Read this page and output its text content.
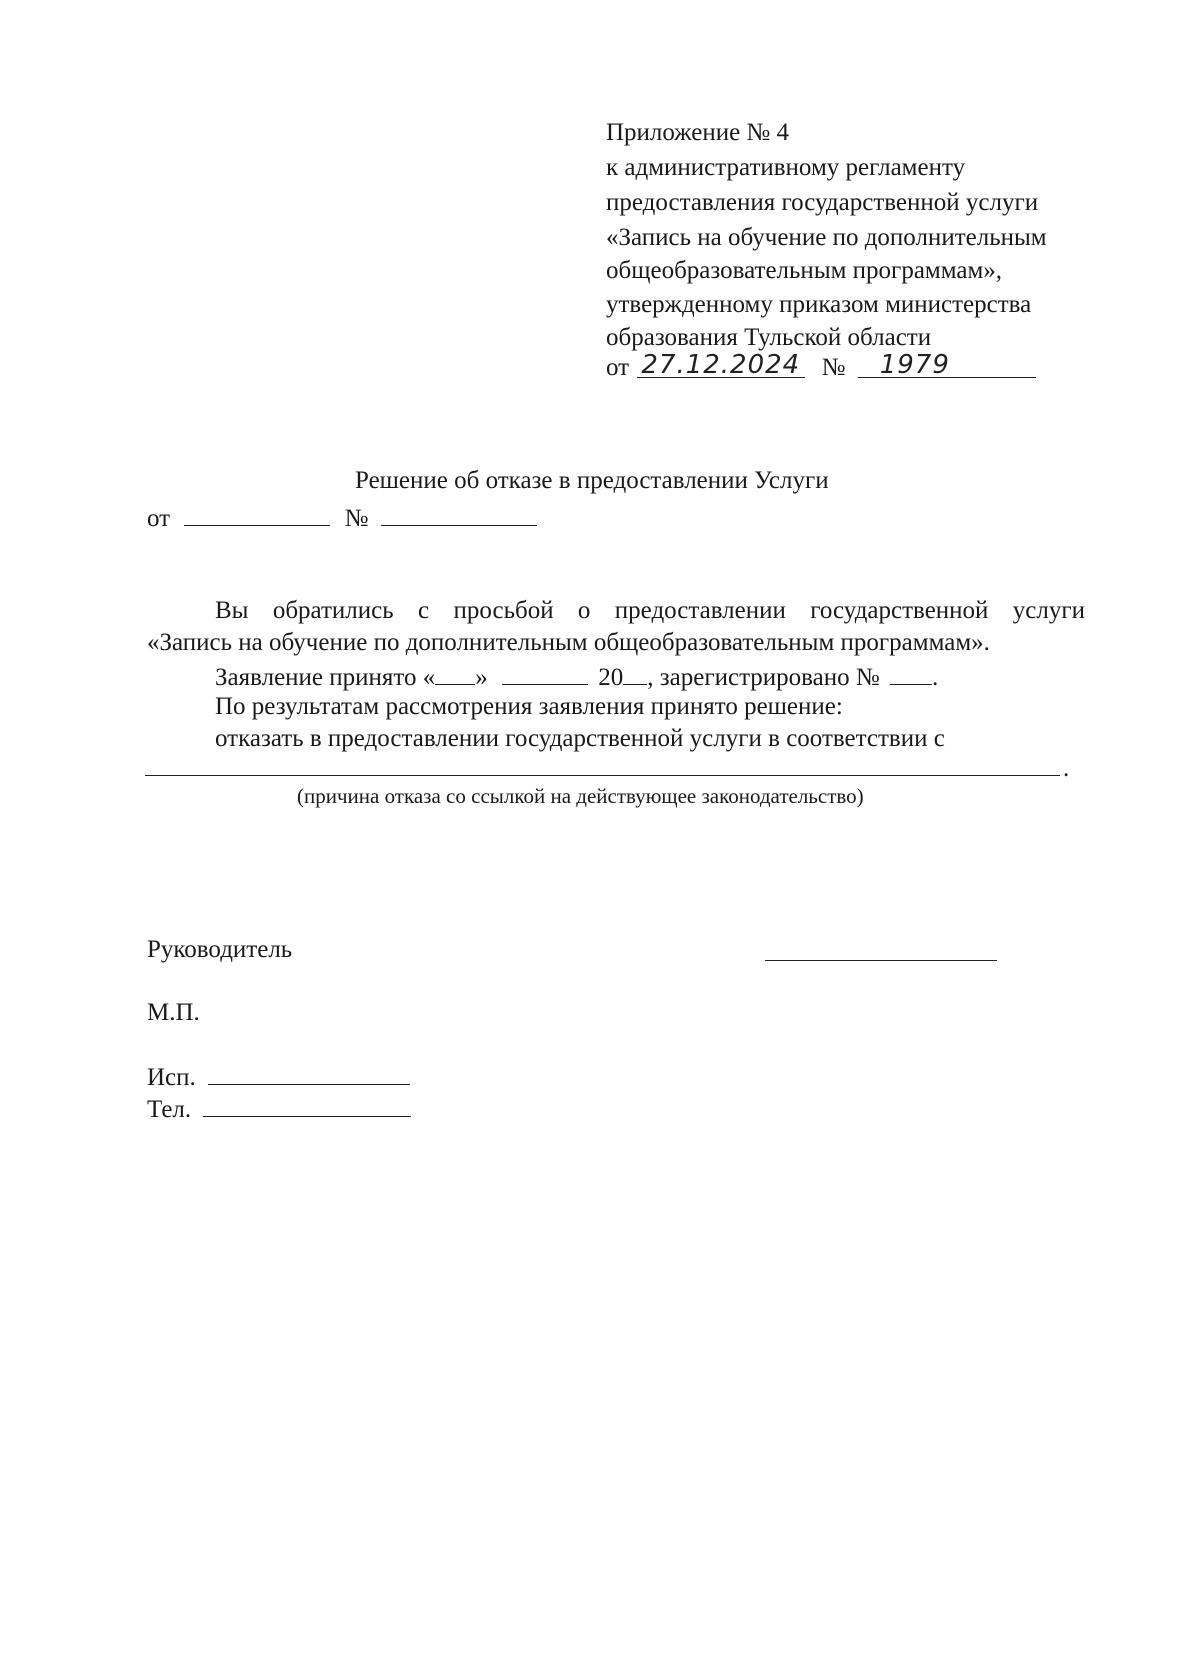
Приложение № 4
к административному регламенту
предоставления государственной услуги
«Запись на обучение по дополнительным
общеобразовательным программам»,
утвержденному приказом министерства
образования Тульской области
от 27.12.2024 № 1979
Решение об отказе в предоставлении Услуги
от	№
Вы обратились с просьбой о предоставлении государственной услуги
«Запись на обучение по дополнительным общеобразовательным программам».
Заявление принято « »	20 , зарегистрировано № .
По результатам рассмотрения заявления принято решение:
отказать в предоставлении государственной услуги в соответствии с
.
(причина отказа со ссылкой на действующее законодательство)
Руководитель
М.П.
Исп.
Тел.
